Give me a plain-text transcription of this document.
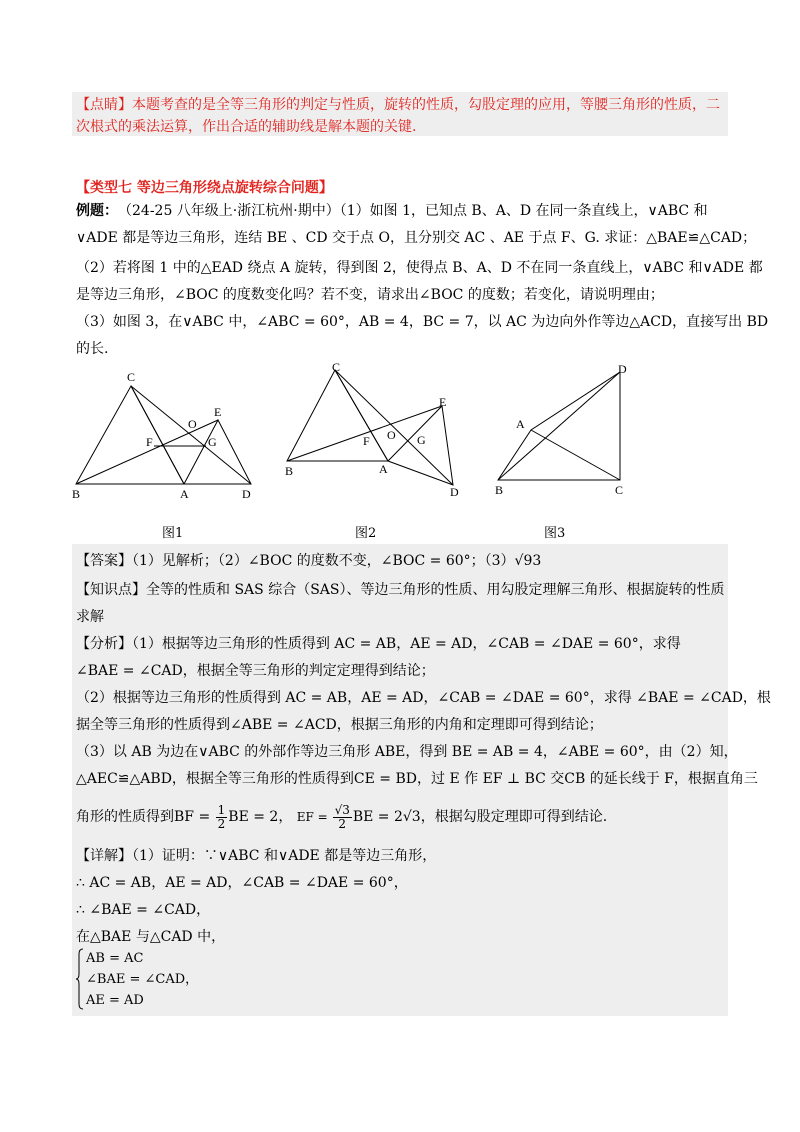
【点睛】本题考查的是全等三角形的判定与性质，旋转的性质，勾股定理的应用，等腰三角形的性质，二
次根式的乘法运算，作出合适的辅助线是解本题的关键.
【类型七 等边三角形绕点旋转综合问题】
例题： （24-25 八年级上·浙江杭州·期中）（1）如图 1，已知点 B、A、D 在同一条直线上，∨ABC 和
∨ADE 都是等边三角形，连结 BE 、CD 交于点 O，且分别交 AC 、AE 于点 F、G. 求证：△BAE≌△CAD；
（2）若将图 1 中的△EAD 绕点 A 旋转，得到图 2，使得点 B、A、D 不在同一条直线上，∨ABC 和∨ADE 都
是等边三角形，∠BOC 的度数变化吗？若不变，请求出∠BOC 的度数；若变化，请说明理由；
（3）如图 3，在∨ABC 中，∠ABC = 60°，AB = 4，BC = 7，以 AC 为边向外作等边△ACD，直接写出 BD
的长.
C
E
O
F	G
B	A	D
C
E
O
F	G
B	A
D
D
A
B	C
图1	图2	图3
【答案】（1）见解析；（2）∠BOC 的度数不变，∠BOC = 60°；（3）√93
【知识点】全等的性质和 SAS 综合（SAS）、等边三角形的性质、用勾股定理解三角形、根据旋转的性质
求解
【分析】（1）根据等边三角形的性质得到 AC = AB，AE = AD，∠CAB = ∠DAE = 60°，求得
∠BAE = ∠CAD，根据全等三角形的判定定理得到结论；
（2）根据等边三角形的性质得到 AC = AB，AE = AD，∠CAB = ∠DAE = 60°，求得 ∠BAE = ∠CAD，根
据全等三角形的性质得到∠ABE = ∠ACD，根据三角形的内角和定理即可得到结论；
（3）以 AB 为边在∨ABC 的外部作等边三角形 ABE，得到 BE = AB = 4，∠ABE = 60°，由（2）知，
△AEC≌△ABD，根据全等三角形的性质得到CE = BD，过 E 作 EF ⊥ BC 交CB 的延长线于 F，根据直角三
角形的性质得到BF = $\frac{1}{2}$ BE = 2， EF = $\frac{√3}{2}$ BE = 2√3，根据勾股定理即可得到结论.
【详解】（1）证明：∵∨ABC 和∨ADE 都是等边三角形，
∴ AC = AB，AE = AD，∠CAB = ∠DAE = 60°，
∴ ∠BAE = ∠CAD，
在△BAE 与△CAD 中，
AB = AC
∠BAE = ∠CAD，
AE = AD
